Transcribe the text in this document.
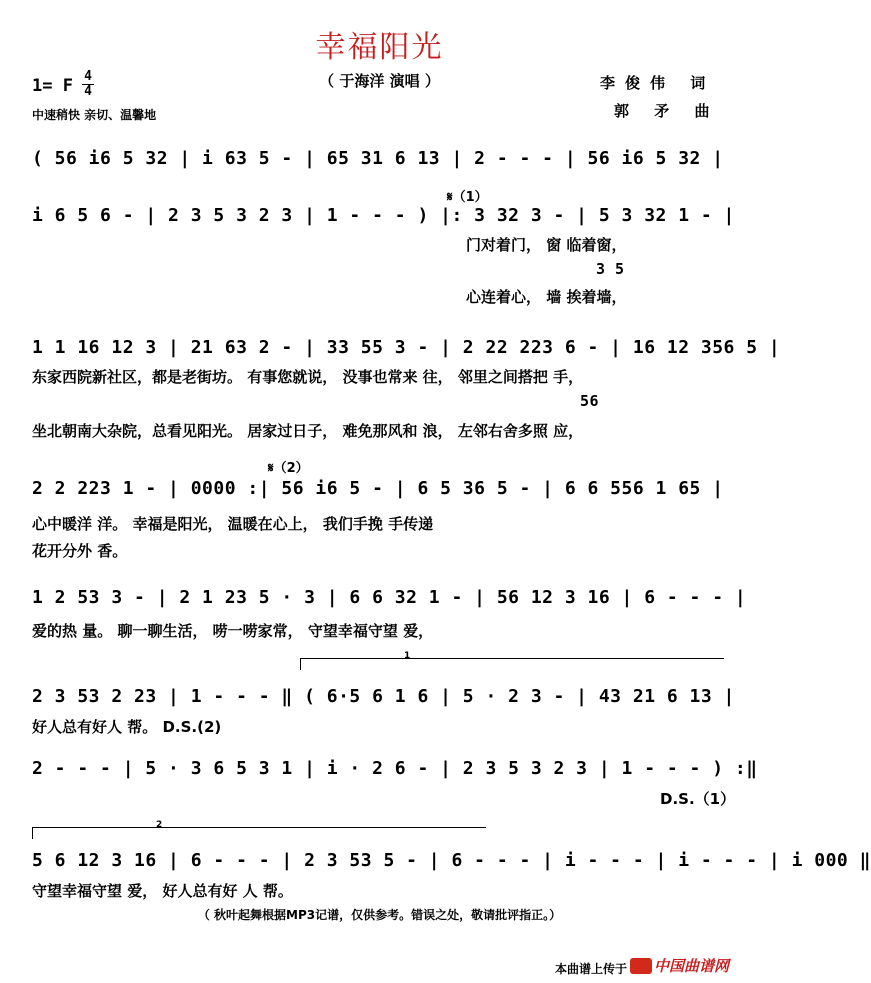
幸福阳光
（ 于海洋 演唱 ）
1= F 4
4
中速稍快 亲切、温馨地
李俊伟 词
郭 矛 曲
( 56 i6 5 32 | i 63 5 - | 65 31 6 13 | 2 - - - | 56 i6 5 32 |
𝄋（1）
i 6 5 6 - | 2 3 5 3 2 3 | 1 - - - ) |: 3 32 3 - | 5 3 32 1 - |
门对着门， 窗 临着窗，
3 5
心连着心， 墙 挨着墙，
1 1 16 12 3 | 21 63 2 - | 33 55 3 - | 2 22 223 6 - | 16 12 356 5 |
东家西院新社区，都是老街坊。 有事您就说， 没事也常来 往， 邻里之间搭把 手，
56
坐北朝南大杂院，总看见阳光。 居家过日子， 难免那风和 浪， 左邻右舍多照 应，
𝄋（2）
2 2 223 1 - | 0000 :| 56 i6 5 - | 6 5 36 5 - | 6 6 556 1 65 |
心中暖洋 洋。 幸福是阳光， 温暖在心上， 我们手挽 手传递
花开分外 香。
1 2 53 3 - | 2 1 23 5 · 3 | 6 6 32 1 - | 56 12 3 16 | 6 - - - |
爱的热 量。 聊一聊生活， 唠一唠家常， 守望幸福守望 爱，
1
2 3 53 2 23 | 1 - - - ‖ ( 6·5 6 1 6 | 5 · 2 3 - | 43 21 6 13 |
好人总有好人 帮。 D.S.(2)
2 - - - | 5 · 3 6 5 3 1 | i · 2 6 - | 2 3 5 3 2 3 | 1 - - - ) :‖
D.S.（1）
2
5 6 12 3 16 | 6 - - - | 2 3 53 5 - | 6 - - - | i - - - | i - - - | i 000 ‖
守望幸福守望 爱， 好人总有好 人 帮。
（ 秋叶起舞根据MP3记谱，仅供参考。错误之处，敬请批评指正。）
本曲谱上传于 中国曲谱网
